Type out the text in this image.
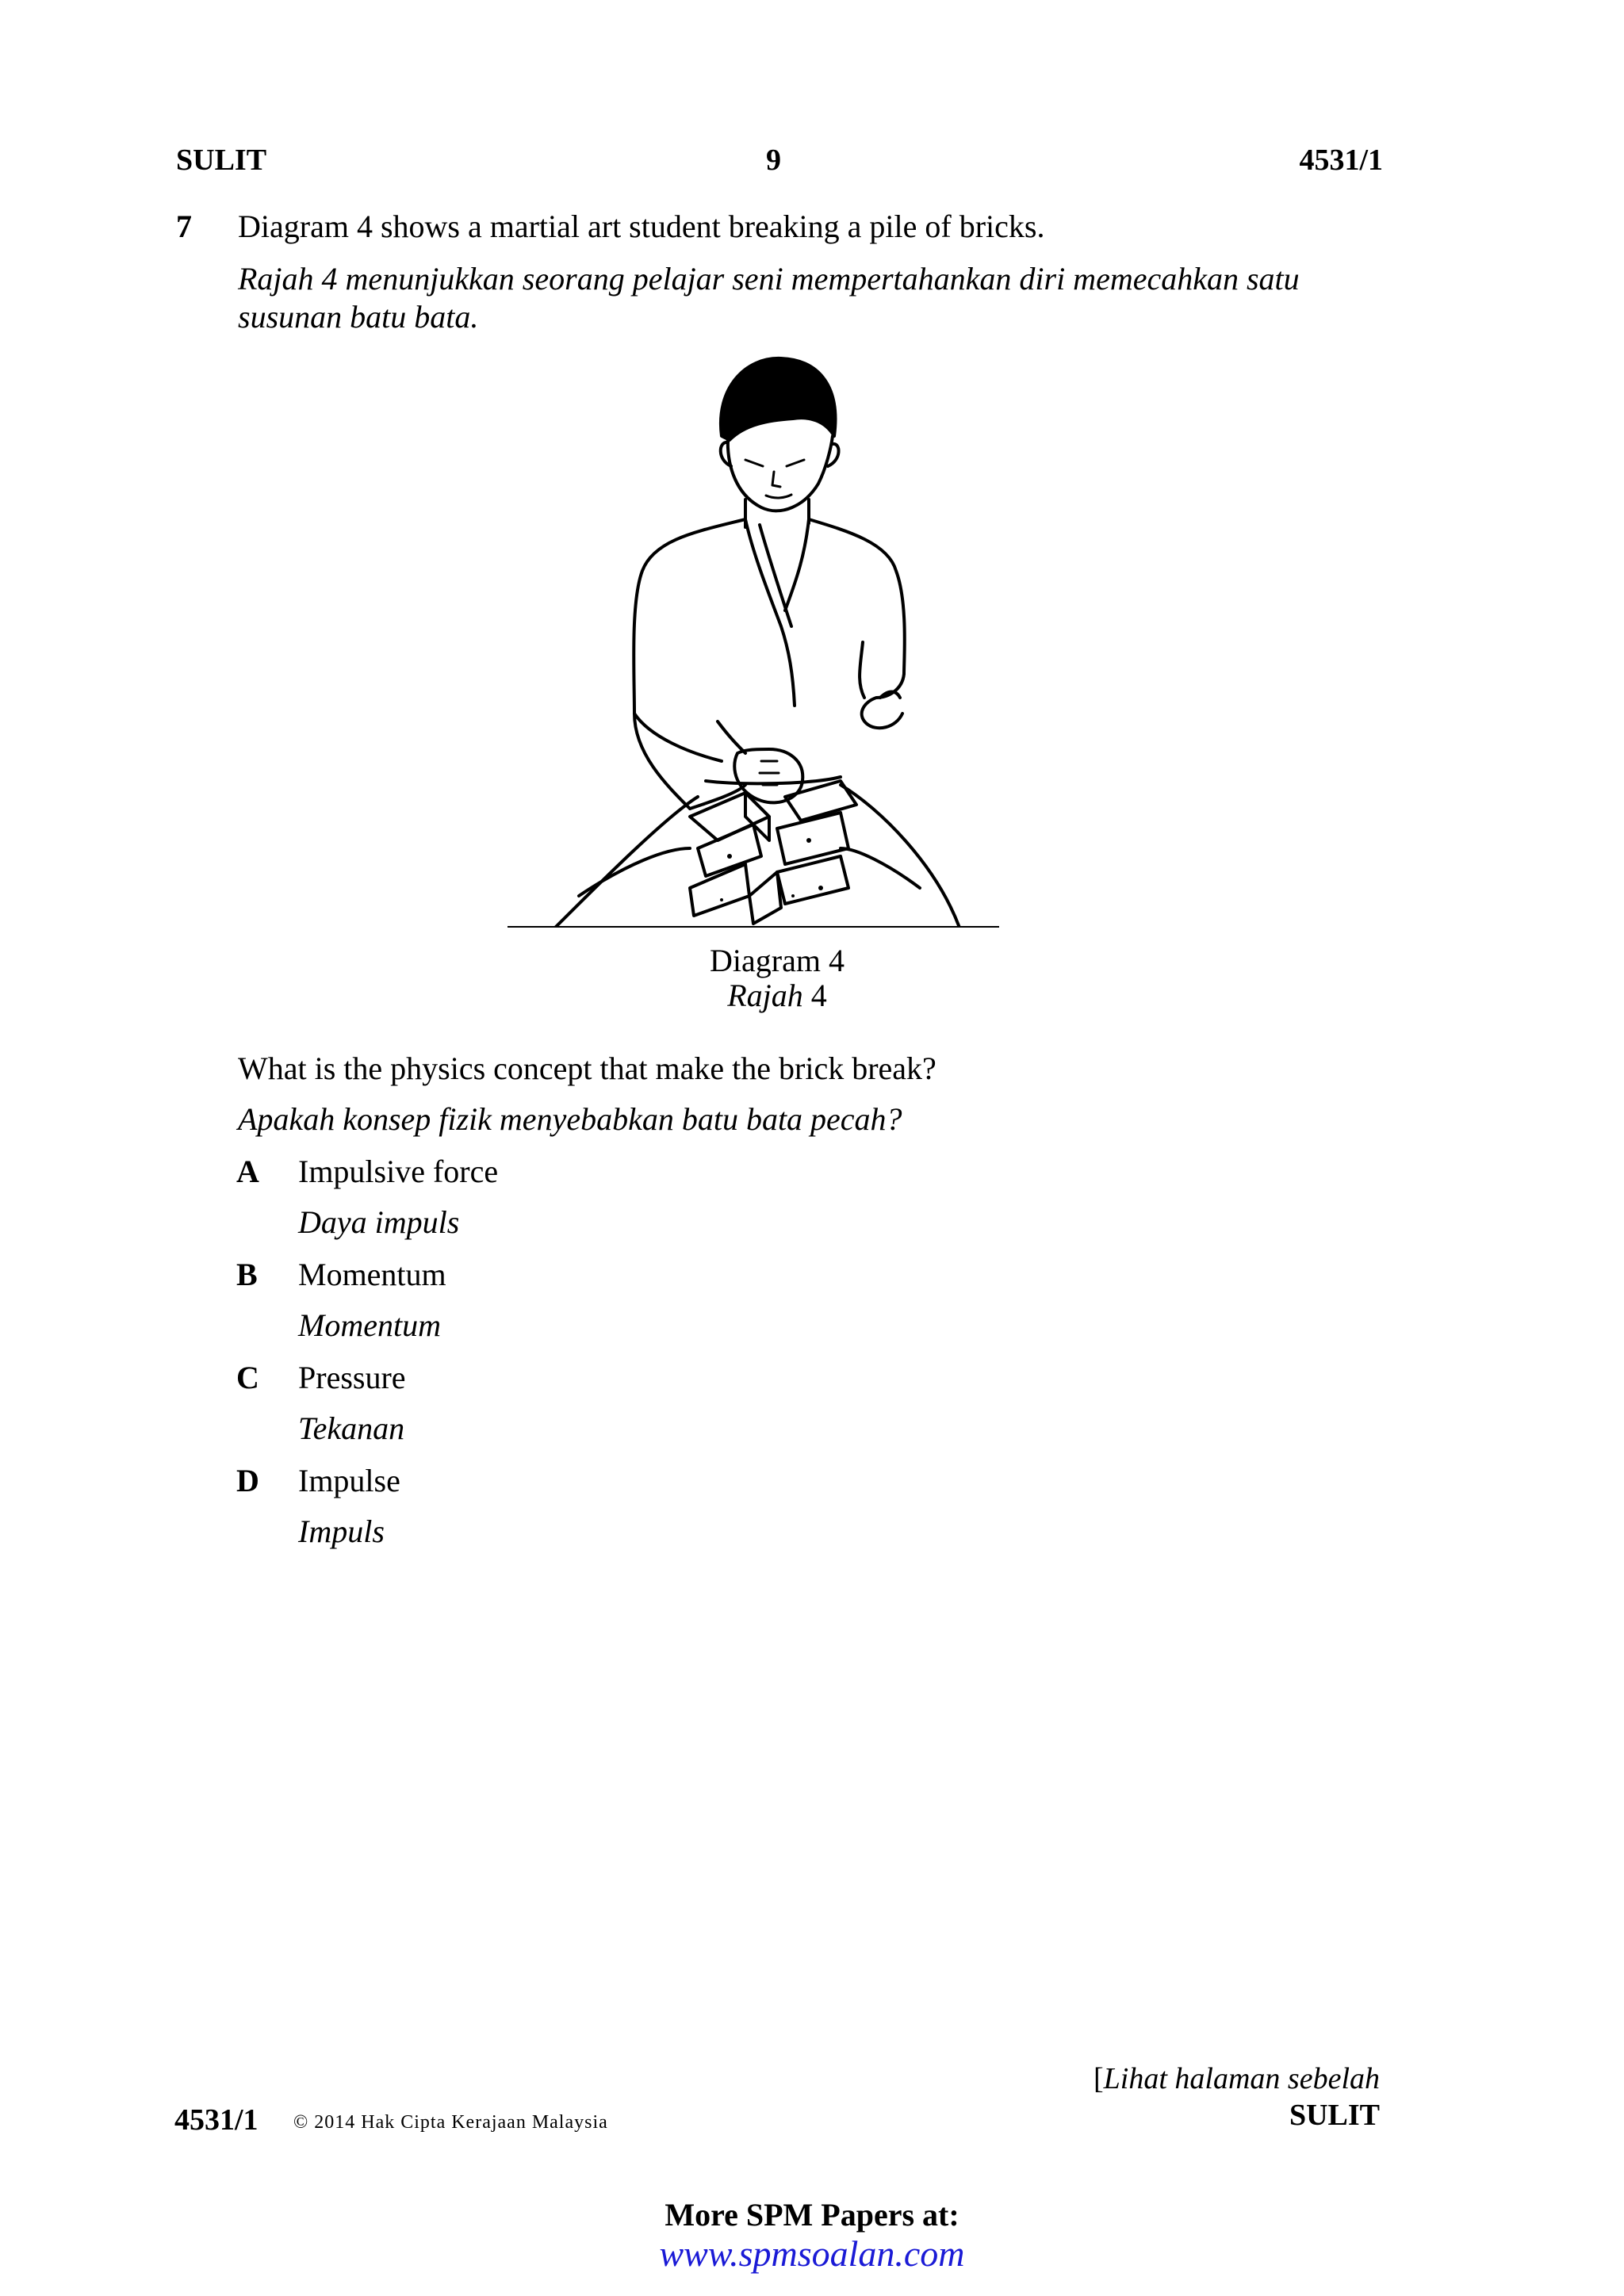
SULIT	9	4531/1
7 Diagram 4 shows a martial art student breaking a pile of bricks.
Rajah 4 menunjukkan seorang pelajar seni mempertahankan diri memecahkan satu
susunan batu bata.
Diagram 4
Rajah 4
What is the physics concept that make the brick break?
Apakah konsep fizik menyebabkan batu bata pecah?
A Impulsive force
Daya impuls
B Momentum
Momentum
C Pressure
Tekanan
D Impulse
Impuls
[Lihat halaman sebelah
SULIT
4531/1 © 2014 Hak Cipta Kerajaan Malaysia
More SPM Papers at:
www.spmsoalan.com
